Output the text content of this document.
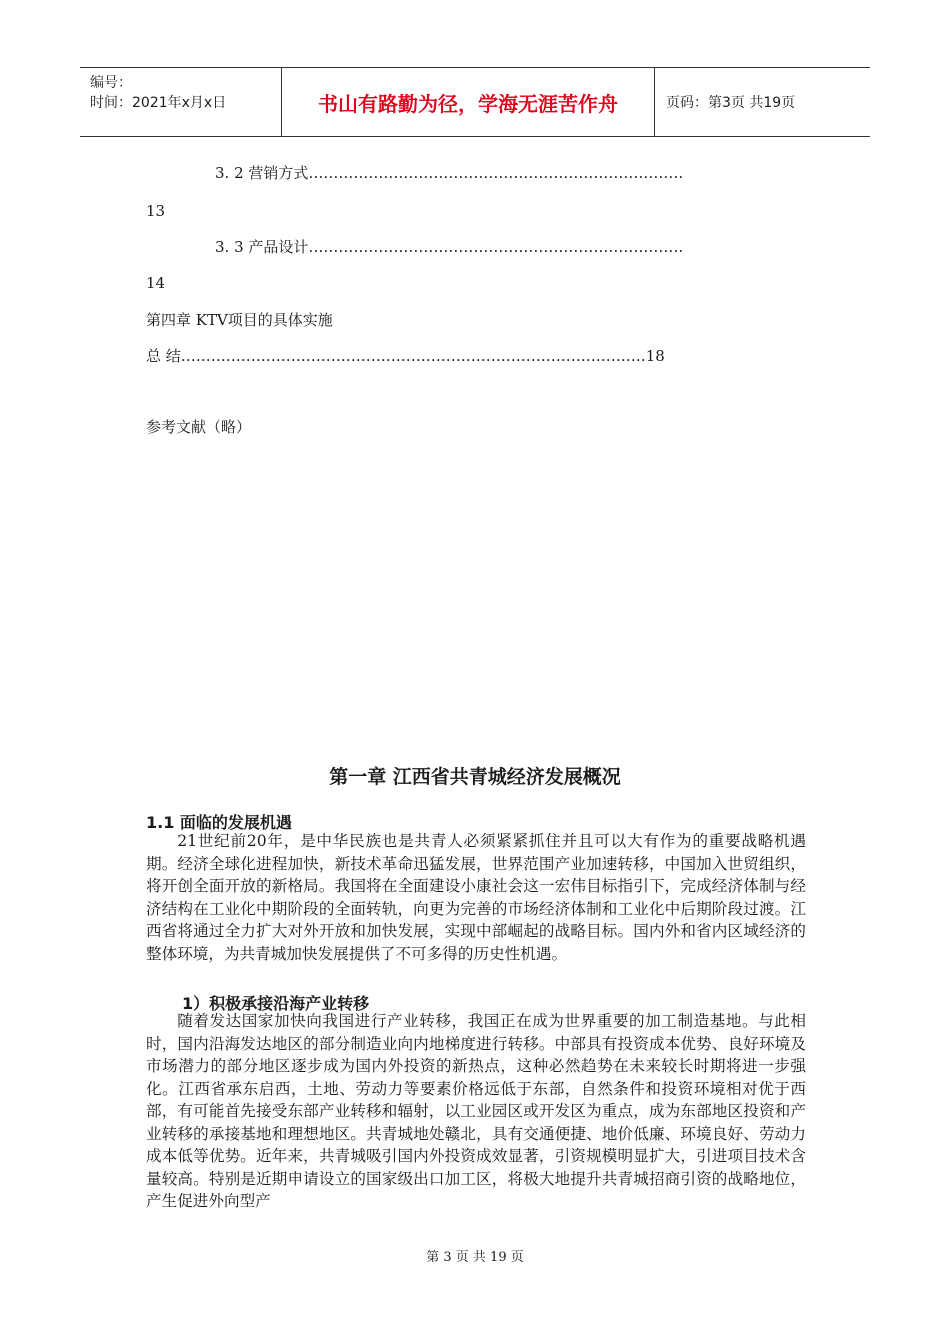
编号：
时间：2021年x月x日	书山有路勤为径，学海无涯苦作舟	页码：第3页 共19页
3. 2 营销方式…………………………………………………………………
13
3. 3 产品设计…………………………………………………………………
14
第四章 KTV项目的具体实施
总 结…………………………………………………………………………………18
参考文献（略）
第一章 江西省共青城经济发展概况
1.1 面临的发展机遇
21世纪前20年，是中华民族也是共青人必须紧紧抓住并且可以大有作为的重要战略机遇期。经济全球化进程加快，新技术革命迅猛发展，世界范围产业加速转移，中国加入世贸组织，将开创全面开放的新格局。我国将在全面建设小康社会这一宏伟目标指引下，完成经济体制与经济结构在工业化中期阶段的全面转轨，向更为完善的市场经济体制和工业化中后期阶段过渡。江西省将通过全力扩大对外开放和加快发展，实现中部崛起的战略目标。国内外和省内区域经济的整体环境，为共青城加快发展提供了不可多得的历史性机遇。
1）积极承接沿海产业转移
随着发达国家加快向我国进行产业转移，我国正在成为世界重要的加工制造基地。与此相时，国内沿海发达地区的部分制造业向内地梯度进行转移。中部具有投资成本优势、良好环境及市场潜力的部分地区逐步成为国内外投资的新热点，这种必然趋势在未来较长时期将进一步强化。江西省承东启西，土地、劳动力等要素价格远低于东部，自然条件和投资环境相对优于西部，有可能首先接受东部产业转移和辐射，以工业园区或开发区为重点，成为东部地区投资和产业转移的承接基地和理想地区。共青城地处赣北，具有交通便捷、地价低廉、环境良好、劳动力成本低等优势。近年来，共青城吸引国内外投资成效显著，引资规模明显扩大，引进项目技术含量较高。特别是近期申请设立的国家级出口加工区，将极大地提升共青城招商引资的战略地位，产生促进外向型产
第 3 页 共 19 页
